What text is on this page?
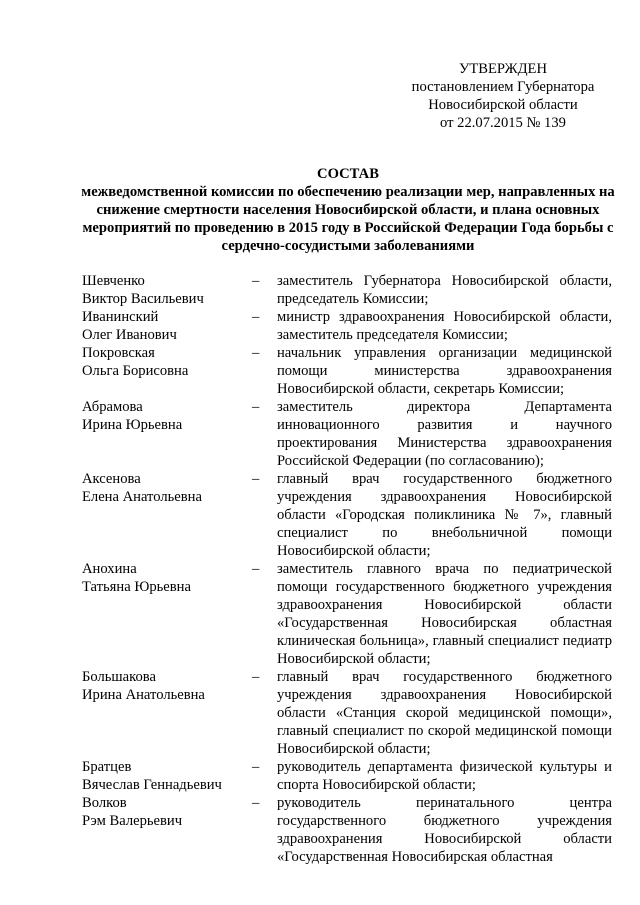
УТВЕРЖДЕН
постановлением Губернатора
Новосибирской области
от 22.07.2015 № 139
СОСТАВ
межведомственной комиссии по обеспечению реализации мер, направленных на снижение смертности населения Новосибирской области, и плана основных мероприятий по проведению в 2015 году в Российской Федерации Года борьбы с сердечно-сосудистыми заболеваниями
Шевченко
Виктор Васильевич
–	заместитель Губернатора Новосибирской области, председатель Комиссии;
Иванинский
Олег Иванович
–	министр здравоохранения Новосибирской области, заместитель председателя Комиссии;
Покровская
Ольга Борисовна
–	начальник управления организации медицинской помощи министерства здравоохранения Новосибирской области, секретарь Комиссии;
Абрамова
Ирина Юрьевна
–	заместитель директора Департамента инновационного развития и научного проектирования Министерства здравоохранения Российской Федерации (по согласованию);
Аксенова
Елена Анатольевна
–	главный врач государственного бюджетного учреждения здравоохранения Новосибирской области «Городская поликлиника № 7», главный специалист по внебольничной помощи Новосибирской области;
Анохина
Татьяна Юрьевна
–	заместитель главного врача по педиатрической помощи государственного бюджетного учреждения здравоохранения Новосибирской области «Государственная Новосибирская областная клиническая больница», главный специалист педиатр Новосибирской области;
Большакова
Ирина Анатольевна
–	главный врач государственного бюджетного учреждения здравоохранения Новосибирской области «Станция скорой медицинской помощи», главный специалист по скорой медицинской помощи Новосибирской области;
Братцев
Вячеслав Геннадьевич
–	руководитель департамента физической культуры и спорта Новосибирской области;
Волков
Рэм Валерьевич
–	руководитель перинатального центра государственного бюджетного учреждения здравоохранения Новосибирской области «Государственная Новосибирская областная
